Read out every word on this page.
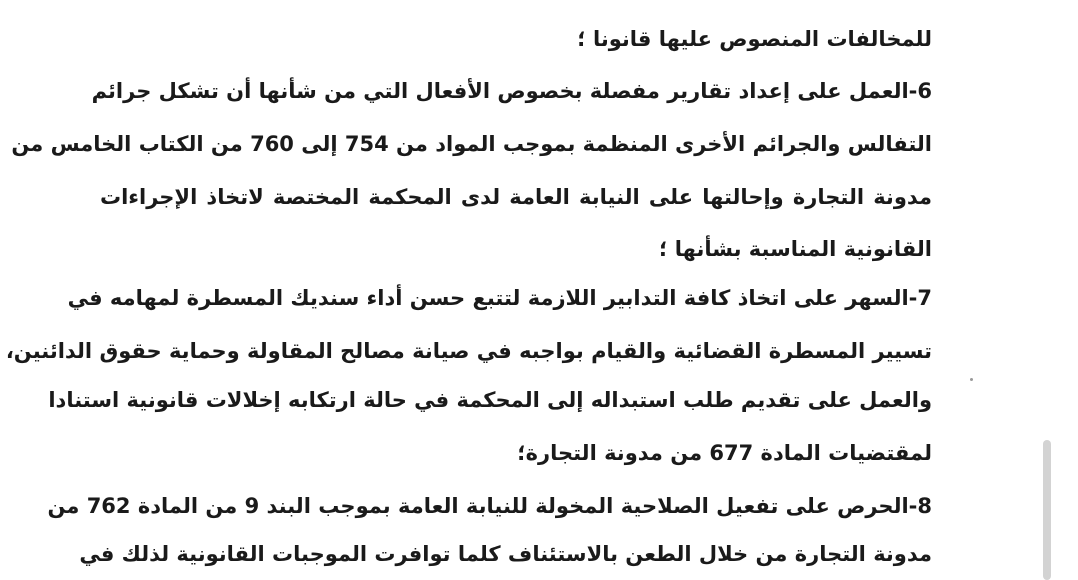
للمخالفات المنصوص عليها قانونا ؛
6-العمل على إعداد تقارير مفصلة بخصوص الأفعال التي من شأنها أن تشكل جرائم
التفالس والجرائم الأخرى المنظمة بموجب المواد من 754 إلى 760 من الكتاب الخامس من
مدونة التجارة وإحالتها على النيابة العامة لدى المحكمة المختصة لاتخاذ الإجراءات
القانونية المناسبة بشأنها ؛
7-السهر على اتخاذ كافة التدابير اللازمة لتتبع حسن أداء سنديك المسطرة لمهامه في
تسيير المسطرة القضائية والقيام بواجبه في صيانة مصالح المقاولة وحماية حقوق الدائنين،
والعمل على تقديم طلب استبداله إلى المحكمة في حالة ارتكابه إخلالات قانونية استنادا
لمقتضيات المادة 677 من مدونة التجارة؛
8-الحرص على تفعيل الصلاحية المخولة للنيابة العامة بموجب البند 9 من المادة 762 من
مدونة التجارة من خلال الطعن بالاستئناف كلما توافرت الموجبات القانونية لذلك في
